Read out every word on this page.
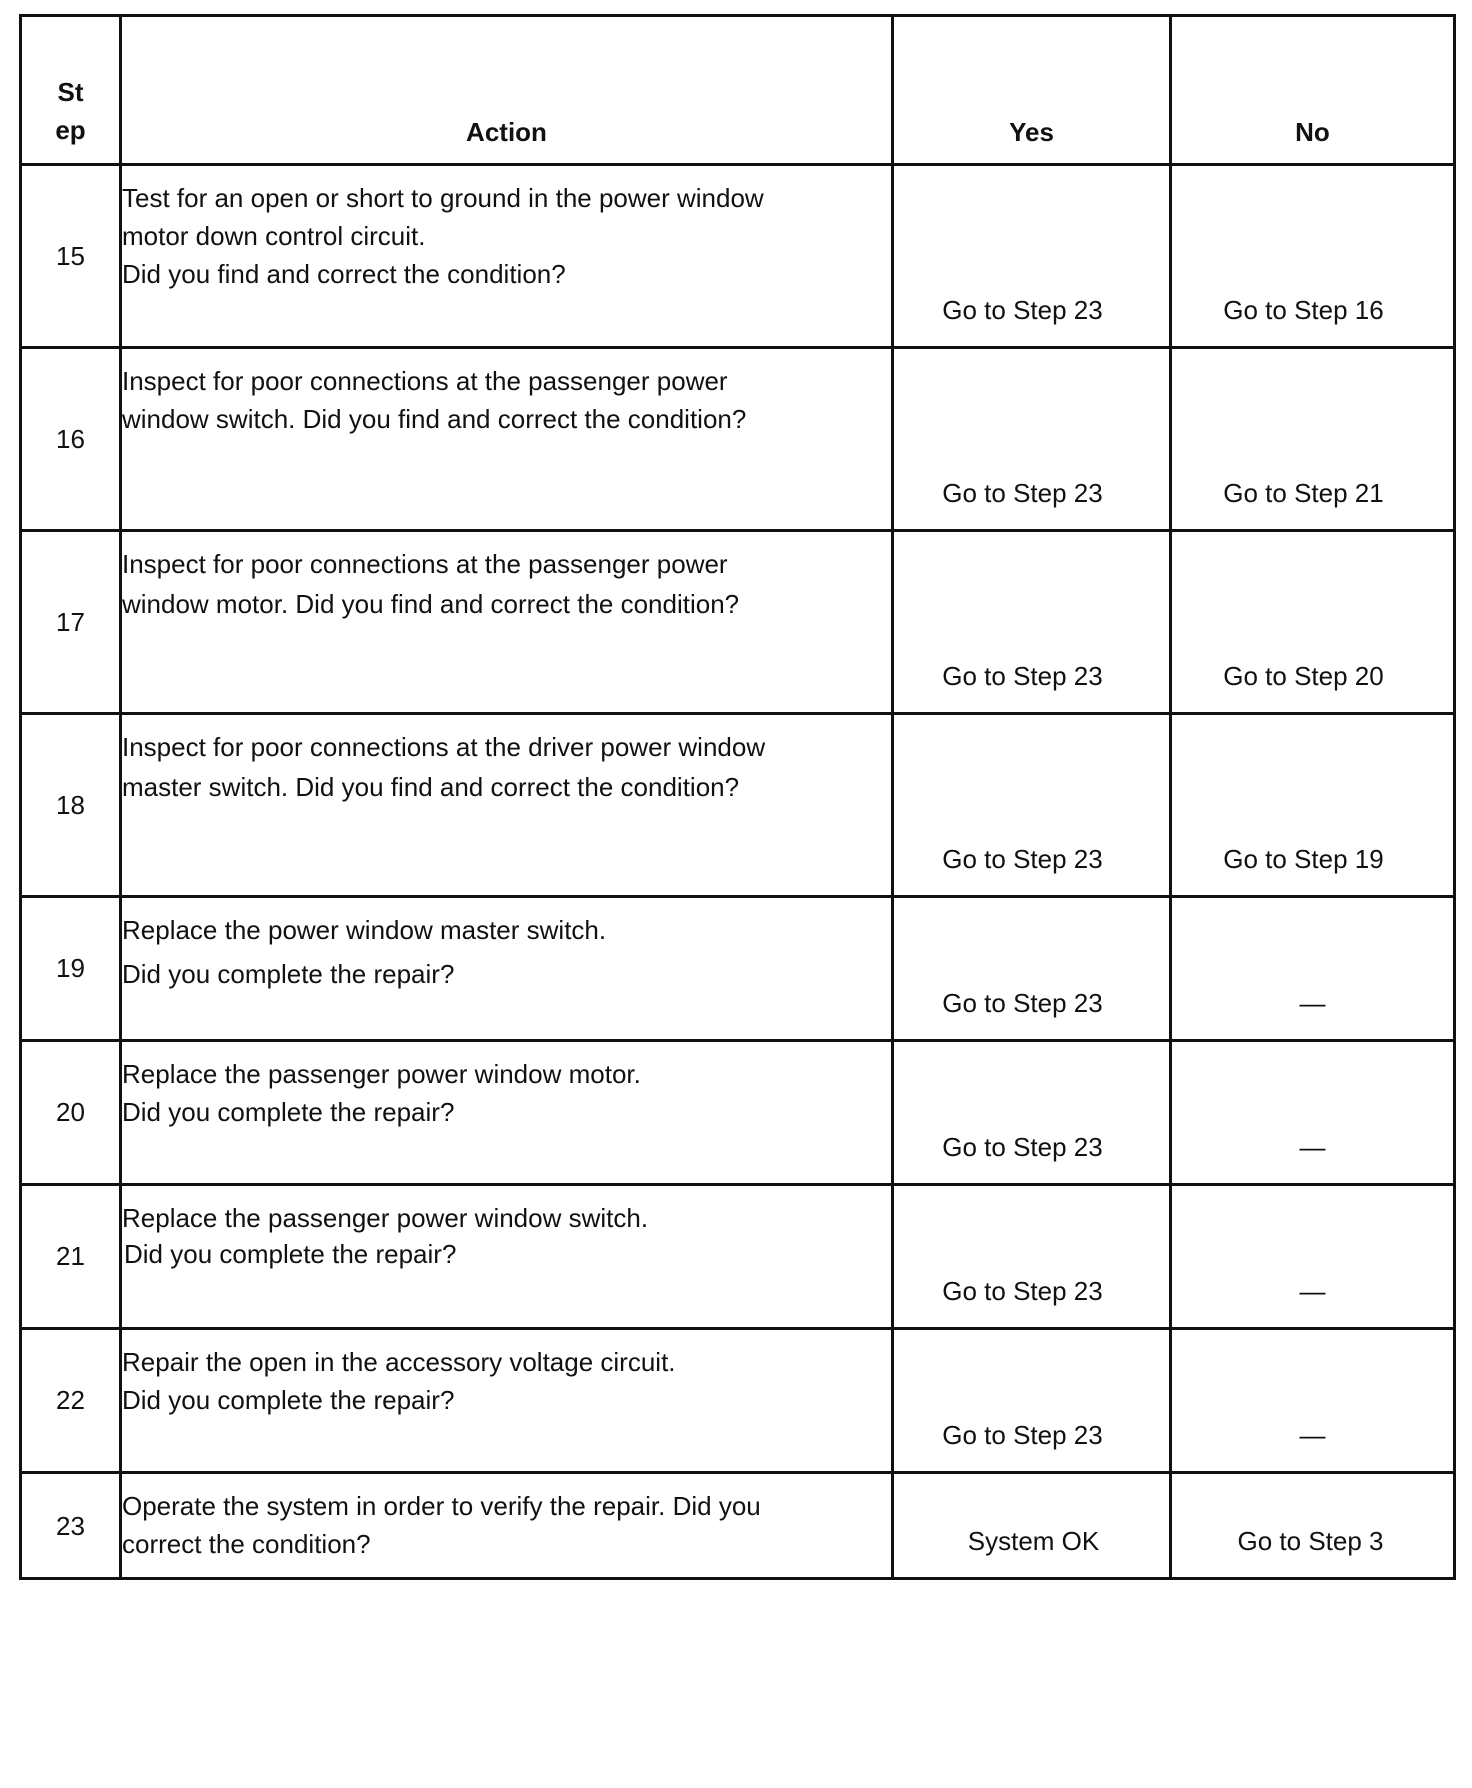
St
ep	Action	Yes	No

15	Test for an open or short to ground in the power window
motor down control circuit.
Did you find and correct the condition?	Go to Step 23	Go to Step 16

16	Inspect for poor connections at the passenger power
window switch. Did you find and correct the condition?	Go to Step 23	Go to Step 21

17	Inspect for poor connections at the passenger power
window motor. Did you find and correct the condition?	Go to Step 23	Go to Step 20

18	Inspect for poor connections at the driver power window
master switch. Did you find and correct the condition?	Go to Step 23	Go to Step 19

19	Replace the power window master switch.
Did you complete the repair?	Go to Step 23	—

20	Replace the passenger power window motor.
Did you complete the repair?	Go to Step 23	—

21	Replace the passenger power window switch.
Did you complete the repair?	Go to Step 23	—

22	Repair the open in the accessory voltage circuit.
Did you complete the repair?	Go to Step 23	—

23	Operate the system in order to verify the repair. Did you
correct the condition?	System OK	Go to Step 3
